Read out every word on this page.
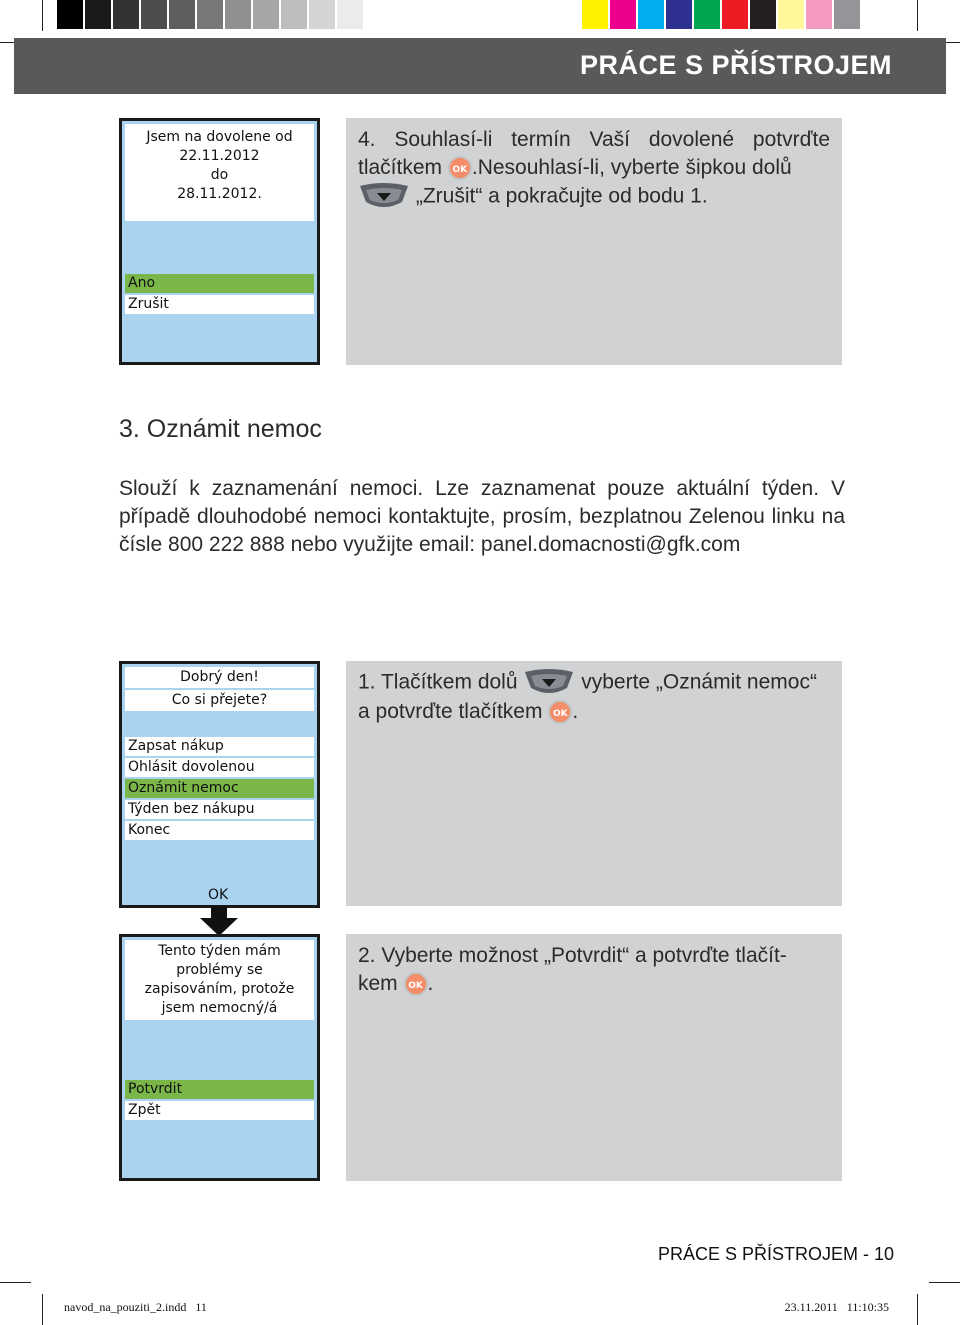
PRÁCE S PŘÍSTROJEM
Jsem na dovolene od
22.11.2012
do
28.11.2012.
Ano
Zrušit
4. Souhlasí-li termín Vaší dovolené potvrďte tlačítkem OK .Nesouhlasí-li, vyberte šipkou dolů
„Zrušit“ a pokračujte od bodu 1.
3. Oznámit nemoc
Slouží k zaznamenání nemoci. Lze zaznamenat pouze aktuální týden. V případě dlouhodobé nemoci kontaktujte, prosím, bezplatnou Zelenou linku na čísle 800 222 888 nebo využijte email: panel.domacnosti@gfk.com
Dobrý den!
Co si přejete?
Zapsat nákup
Ohlásit dovolenou
Oznámit nemoc
Týden bez nákupu
Konec
OK
1. Tlačítkem dolů	vyberte „Oznámit nemoc“
a potvrďte tlačítkem OK .
Tento týden mám
problémy se
zapisováním, protože
jsem nemocný/á
Potvrdit
Zpět
2. Vyberte možnost „Potvrdit“ a potvrďte tlačít-
kem OK .
PRÁCE S PŘÍSTROJEM - 10
navod_na_pouziti_2.indd   11	23.11.2011   11:10:35
